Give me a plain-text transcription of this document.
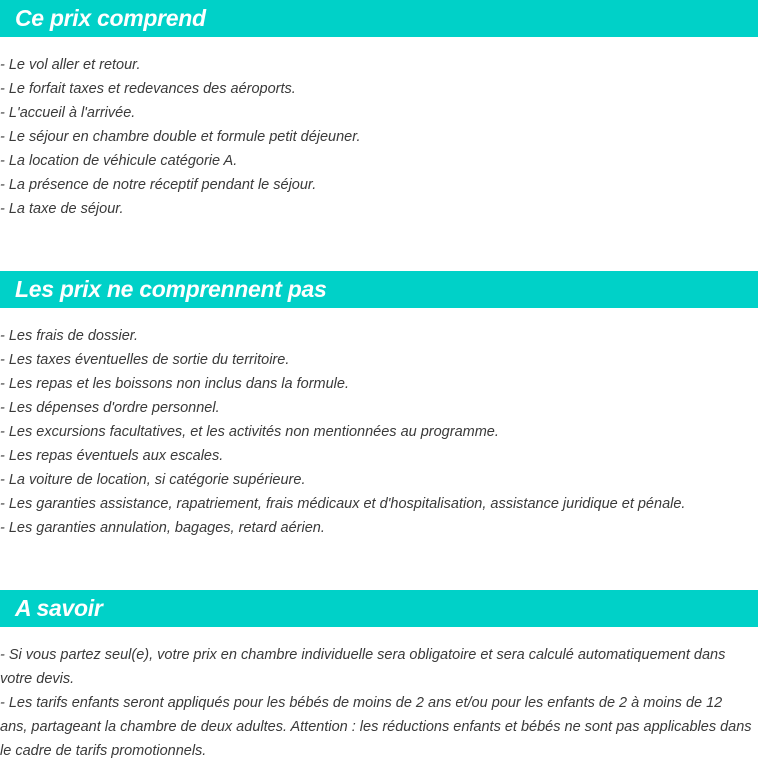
Ce prix comprend
- Le vol aller et retour.
- Le forfait taxes et redevances des aéroports.
- L'accueil à l'arrivée.
- Le séjour en chambre double et formule petit déjeuner.
- La location de véhicule catégorie A.
- La présence de notre réceptif pendant le séjour.
- La taxe de séjour.
Les prix ne comprennent pas
- Les frais de dossier.
- Les taxes éventuelles de sortie du territoire.
- Les repas et les boissons non inclus dans la formule.
- Les dépenses d'ordre personnel.
- Les excursions facultatives, et les activités non mentionnées au programme.
- Les repas éventuels aux escales.
- La voiture de location, si catégorie supérieure.
- Les garanties assistance, rapatriement, frais médicaux et d'hospitalisation, assistance juridique et pénale.
- Les garanties annulation, bagages, retard aérien.
A savoir
- Si vous partez seul(e), votre prix en chambre individuelle sera obligatoire et sera calculé automatiquement dans votre devis.
- Les tarifs enfants seront appliqués pour les bébés de moins de 2 ans et/ou pour les enfants de 2 à moins de 12 ans, partageant la chambre de deux adultes. Attention : les réductions enfants et bébés ne sont pas applicables dans le cadre de tarifs promotionnels.
